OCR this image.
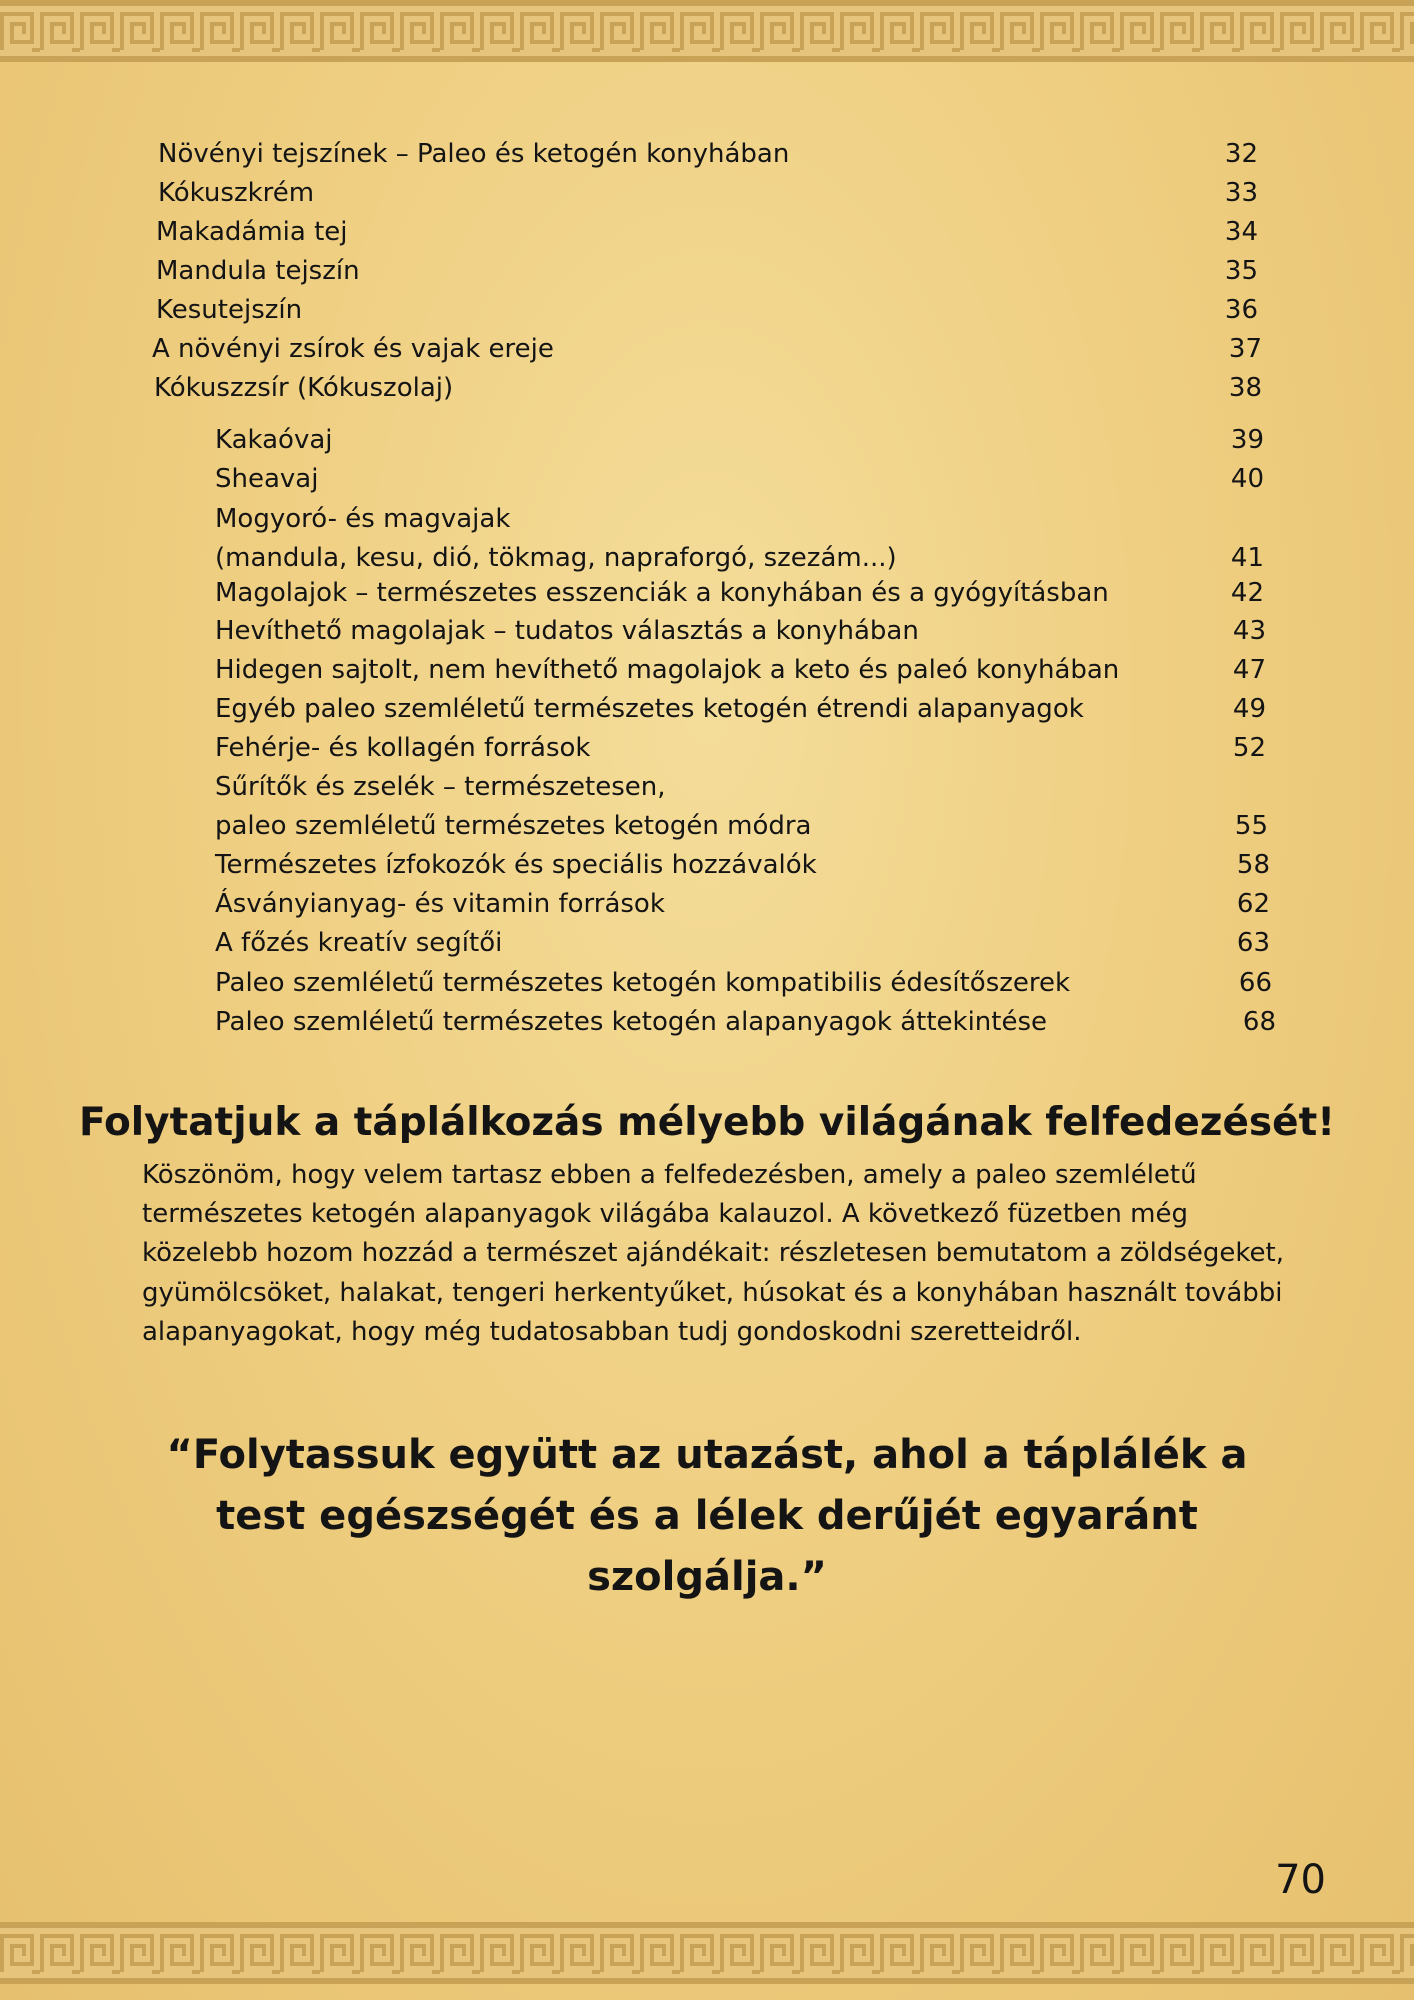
Növényi tejszínek – Paleo és ketogén konyhában	32
Kókuszkrém	33
Makadámia tej	34
Mandula tejszín	35
Kesutejszín	36
A növényi zsírok és vajak ereje	37
Kókuszzsír (Kókuszolaj)	38
Kakaóvaj	39
Sheavaj	40
Mogyoró- és magvajak
(mandula, kesu, dió, tökmag, napraforgó, szezám...)	41
Magolajok – természetes esszenciák a konyhában és a gyógyításban	42
Hevíthető magolajak – tudatos választás a konyhában	43
Hidegen sajtolt, nem hevíthető magolajok a keto és paleó konyhában	47
Egyéb paleo szemléletű természetes ketogén étrendi alapanyagok	49
Fehérje- és kollagén források	52
Sűrítők és zselék – természetesen,
paleo szemléletű természetes ketogén módra	55
Természetes ízfokozók és speciális hozzávalók	58
Ásványianyag- és vitamin források	62
A főzés kreatív segítői	63
Paleo szemléletű természetes ketogén kompatibilis édesítőszerek	66
Paleo szemléletű természetes ketogén alapanyagok áttekintése	68
Folytatjuk a táplálkozás mélyebb világának felfedezését!
Köszönöm, hogy velem tartasz ebben a felfedezésben, amely a paleo szemléletű természetes ketogén alapanyagok világába kalauzol. A következő füzetben még közelebb hozom hozzád a természet ajándékait: részletesen bemutatom a zöldségeket, gyümölcsöket, halakat, tengeri herkentyűket, húsokat és a konyhában használt további alapanyagokat, hogy még tudatosabban tudj gondoskodni szeretteidről.
“Folytassuk együtt az utazást, ahol a táplálék a test egészségét és a lélek derűjét egyaránt szolgálja.”
70
